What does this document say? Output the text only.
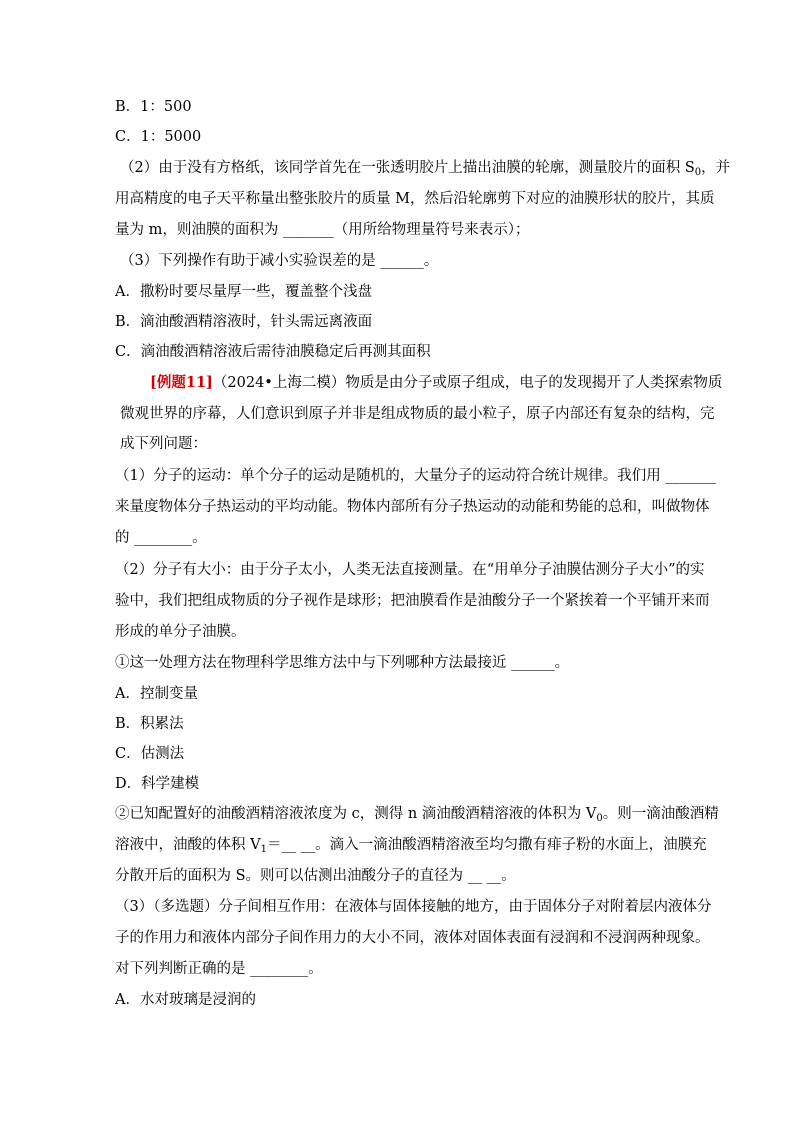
B．1：500
C．1：5000
（2）由于没有方格纸，该同学首先在一张透明胶片上描出油膜的轮廓，测量胶片的面积 $S_0$，并
用高精度的电子天平称量出整张胶片的质量 M，然后沿轮廓剪下对应的油膜形状的胶片，其质
量为 m，则油膜的面积为 _______（用所给物理量符号来表示）；
（3）下列操作有助于减小实验误差的是 ______。
A．撒粉时要尽量厚一些，覆盖整个浅盘
B．滴油酸酒精溶液时，针头需远离液面
C．滴油酸酒精溶液后需待油膜稳定后再测其面积
[例题11]（2024•上海二模）物质是由分子或原子组成，电子的发现揭开了人类探索物质
微观世界的序幕，人们意识到原子并非是组成物质的最小粒子，原子内部还有复杂的结构，完
成下列问题：
（1）分子的运动：单个分子的运动是随机的，大量分子的运动符合统计规律。我们用 _______
来量度物体分子热运动的平均动能。物体内部所有分子热运动的动能和势能的总和，叫做物体
的 ________。
（2）分子有大小：由于分子太小，人类无法直接测量。在“用单分子油膜估测分子大小”的实
验中，我们把组成物质的分子视作是球形；把油膜看作是油酸分子一个紧挨着一个平铺开来而
形成的单分子油膜。
①这一处理方法在物理科学思维方法中与下列哪种方法最接近 ______。
A．控制变量
B．积累法
C．估测法
D．科学建模
②已知配置好的油酸酒精溶液浓度为 c，测得 n 滴油酸酒精溶液的体积为 $V_0$。则一滴油酸酒精
溶液中，油酸的体积 $V_1=\_\_$ __。滴入一滴油酸酒精溶液至均匀撒有痱子粉的水面上，油膜充
分散开后的面积为 S。则可以估测出油酸分子的直径为 __ __。
（3）（多选题）分子间相互作用：在液体与固体接触的地方，由于固体分子对附着层内液体分
子的作用力和液体内部分子间作用力的大小不同，液体对固体表面有浸润和不浸润两种现象。
对下列判断正确的是 ________。
A．水对玻璃是浸润的
